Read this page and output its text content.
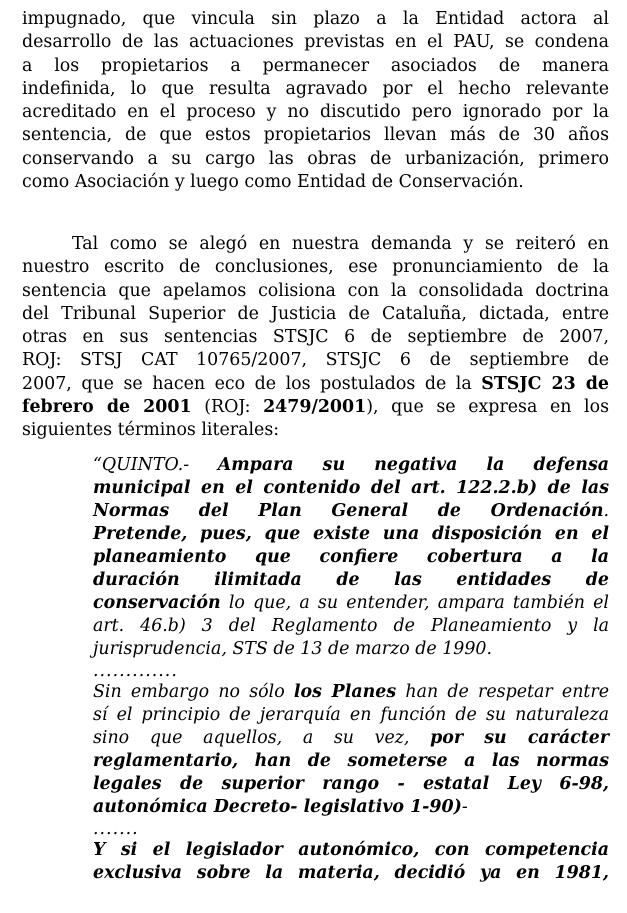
impugnado, que vincula sin plazo a la Entidad actora al
desarrollo de las actuaciones previstas en el PAU, se condena
a los propietarios a permanecer asociados de manera
indefinida, lo que resulta agravado por el hecho relevante
acreditado en el proceso y no discutido pero ignorado por la
sentencia, de que estos propietarios llevan más de 30 años
conservando a su cargo las obras de urbanización, primero
como Asociación y luego como Entidad de Conservación.
Tal como se alegó en nuestra demanda y se reiteró en
nuestro escrito de conclusiones, ese pronunciamiento de la
sentencia que apelamos colisiona con la consolidada doctrina
del Tribunal Superior de Justicia de Cataluña, dictada, entre
otras en sus sentencias STSJC 6 de septiembre de 2007,
ROJ: STSJ CAT 10765/2007, STSJC 6 de septiembre de
2007, que se hacen eco de los postulados de la STSJC 23 de
febrero de 2001 (ROJ: 2479/2001), que se expresa en los
siguientes términos literales:
“QUINTO.- Ampara su negativa la defensa
municipal en el contenido del art. 122.2.b) de las
Normas del Plan General de Ordenación.
Pretende, pues, que existe una disposición en el
planeamiento que confiere cobertura a la
duración ilimitada de las entidades de
conservación lo que, a su entender, ampara también el
art. 46.b) 3 del Reglamento de Planeamiento y la
jurisprudencia, STS de 13 de marzo de 1990.
.............
Sin embargo no sólo los Planes han de respetar entre
sí el principio de jerarquía en función de su naturaleza
sino que aquellos, a su vez, por su carácter
reglamentario, han de someterse a las normas
legales de superior rango - estatal Ley 6-98,
autonómica Decreto- legislativo 1-90)-
.......
Y si el legislador autonómico, con competencia
exclusiva sobre la materia, decidió ya en 1981,
